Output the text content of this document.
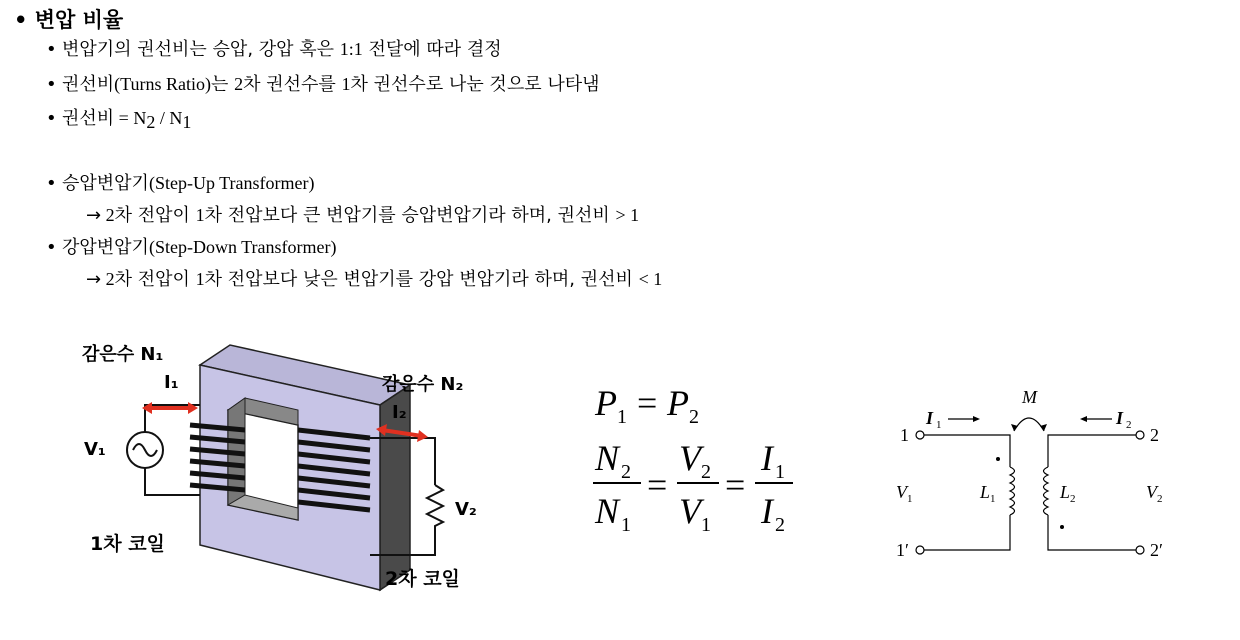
• 변압 비율
• 변압기의 권선비는 승압, 강압 혹은 1:1 전달에 따라 결정
• 권선비(Turns Ratio)는 2차 권선수를 1차 권선수로 나눈 것으로 나타냄
• 권선비 = $N_2 / N_1$
• 승압변압기(Step-Up Transformer)
→ 2차 전압이 1차 전압보다 큰 변압기를 승압변압기라 하며, 권선비 > 1
• 강압변압기(Step-Down Transformer)
→ 2차 전압이 1차 전압보다 낮은 변압기를 강압 변압기라 하며, 권선비 < 1
감은수 N₁
I₁
V₁
1차 코일
감은수 N₂
I₂
V₂
2차 코일
P 1 = P 2
N 2
N 1
=
V 2
V 1
=
I 1
I 2
M
I 1	I 2
1	2
1′	2′
V 1	V 2
L 1	L 2
